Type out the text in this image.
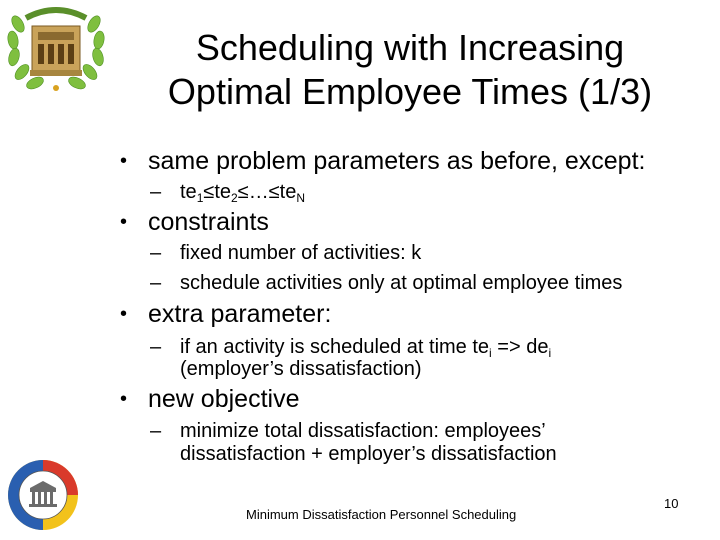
Scheduling with Increasing
Optimal Employee Times (1/3)
• same problem parameters as before, except:
– $te_1\le te_2\le\dots\le te_N$
• constraints
– fixed number of activities: k
– schedule activities only at optimal employee times
• extra parameter:
– if an activity is scheduled at time $te_i => de_i$
(employer’s dissatisfaction)
• new objective
– minimize total dissatisfaction: employees’
dissatisfaction + employer’s dissatisfaction
Minimum Dissatisfaction Personnel Scheduling
10
